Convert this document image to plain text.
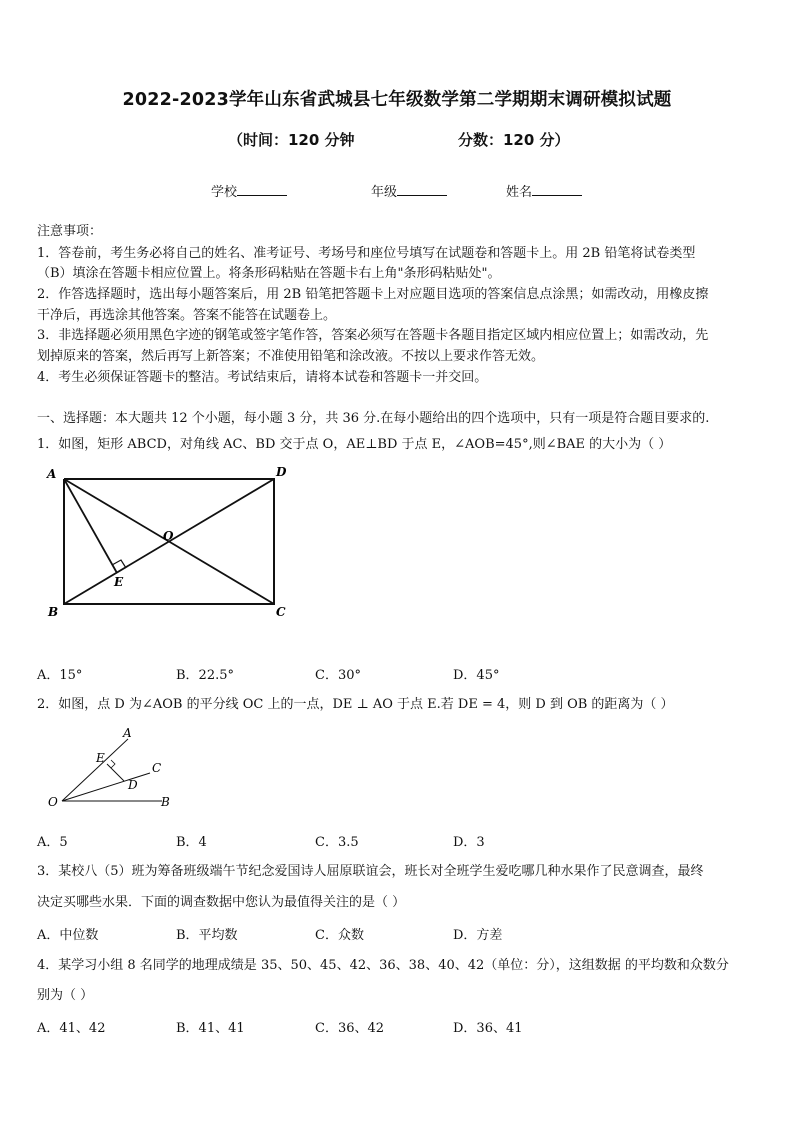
2022-2023学年山东省武城县七年级数学第二学期期末调研模拟试题
（时间：120 分钟	分数：120 分）
学校	年级	姓名
注意事项：
1．答卷前，考生务必将自己的姓名、准考证号、考场号和座位号填写在试题卷和答题卡上。用 2B 铅笔将试卷类型
（B）填涂在答题卡相应位置上。将条形码粘贴在答题卡右上角"条形码粘贴处"。
2．作答选择题时，选出每小题答案后，用 2B 铅笔把答题卡上对应题目选项的答案信息点涂黑；如需改动，用橡皮擦
干净后，再选涂其他答案。答案不能答在试题卷上。
3．非选择题必须用黑色字迹的钢笔或签字笔作答，答案必须写在答题卡各题目指定区域内相应位置上；如需改动，先
划掉原来的答案，然后再写上新答案；不准使用铅笔和涂改液。不按以上要求作答无效。
4．考生必须保证答题卡的整洁。考试结束后，请将本试卷和答题卡一并交回。
一、选择题：本大题共 12 个小题，每小题 3 分，共 36 分.在每小题给出的四个选项中，只有一项是符合题目要求的.
1．如图，矩形 ABCD，对角线 AC、BD 交于点 O，AE⊥BD 于点 E，∠AOB=45°,则∠BAE 的大小为（ ）
A	D
O
E
B	C
A．15°	B．22.5°	C．30°	D．45°
2．如图，点 D 为∠AOB 的平分线 OC 上的一点，DE ⊥ AO 于点 E.若 DE = 4，则 D 到 OB 的距离为（ ）
A
E
C
D
O	B
A．5	B．4	C．3.5	D．3
3．某校八（5）班为筹备班级端午节纪念爱国诗人屈原联谊会，班长对全班学生爱吃哪几种水果作了民意调查，最终
决定买哪些水果．下面的调查数据中您认为最值得关注的是（ ）
A．中位数	B．平均数	C．众数	D．方差
4．某学习小组 8 名同学的地理成绩是 35、50、45、42、36、38、40、42（单位：分），这组数据 的平均数和众数分
别为（ ）
A．41、42	B．41、41	C．36、42	D．36、41
